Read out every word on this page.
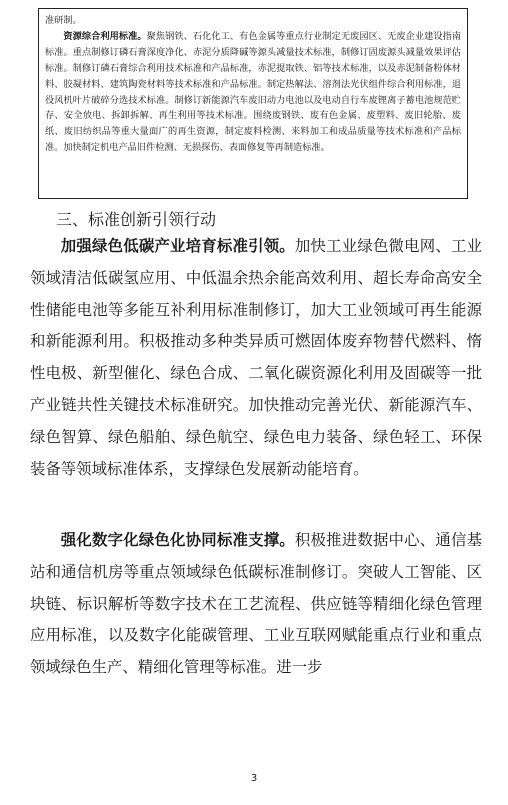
准研制。

资源综合利用标准。聚焦钢铁、石化化工、有色金属等重点行业制定无废园区、无废企业建设指南标准。重点制修订磷石膏深度净化、赤泥分质降碱等源头减量技术标准，制修订固废源头减量效果评估标准。制修订磷石膏综合利用技术标准和产品标准，赤泥提取铁、铝等技术标准，以及赤泥制备粉体材料、胶凝材料、建筑陶瓷材料等技术标准和产品标准。制定热解法、溶剂法光伏组件综合利用标准，退役风机叶片破碎分选技术标准。制修订新能源汽车废旧动力电池以及电动自行车废锂离子蓄电池规范贮存、安全放电、拆卸拆解、再生利用等技术标准。围绕废钢铁、废有色金属、废塑料、废旧轮胎、废纸、废旧纺织品等重大量面广的再生资源，制定废料检测、来料加工和成品质量等技术标准和产品标准。加快制定机电产品旧件检测、无损探伤、表面修复等再制造标准。

三、标准创新引领行动

加强绿色低碳产业培育标准引领。加快工业绿色微电网、工业领域清洁低碳氢应用、中低温余热余能高效利用、超长寿命高安全性储能电池等多能互补利用标准制修订，加大工业领域可再生能源和新能源利用。积极推动多种类异质可燃固体废弃物替代燃料、惰性电极、新型催化、绿色合成、二氧化碳资源化利用及固碳等一批产业链共性关键技术标准研究。加快推动完善光伏、新能源汽车、绿色智算、绿色船舶、绿色航空、绿色电力装备、绿色轻工、环保装备等领域标准体系，支撑绿色发展新动能培育。

强化数字化绿色化协同标准支撑。积极推进数据中心、通信基站和通信机房等重点领域绿色低碳标准制修订。突破人工智能、区块链、标识解析等数字技术在工艺流程、供应链等精细化绿色管理应用标准，以及数字化能碳管理、工业互联网赋能重点行业和重点领域绿色生产、精细化管理等标准。进一步

3
